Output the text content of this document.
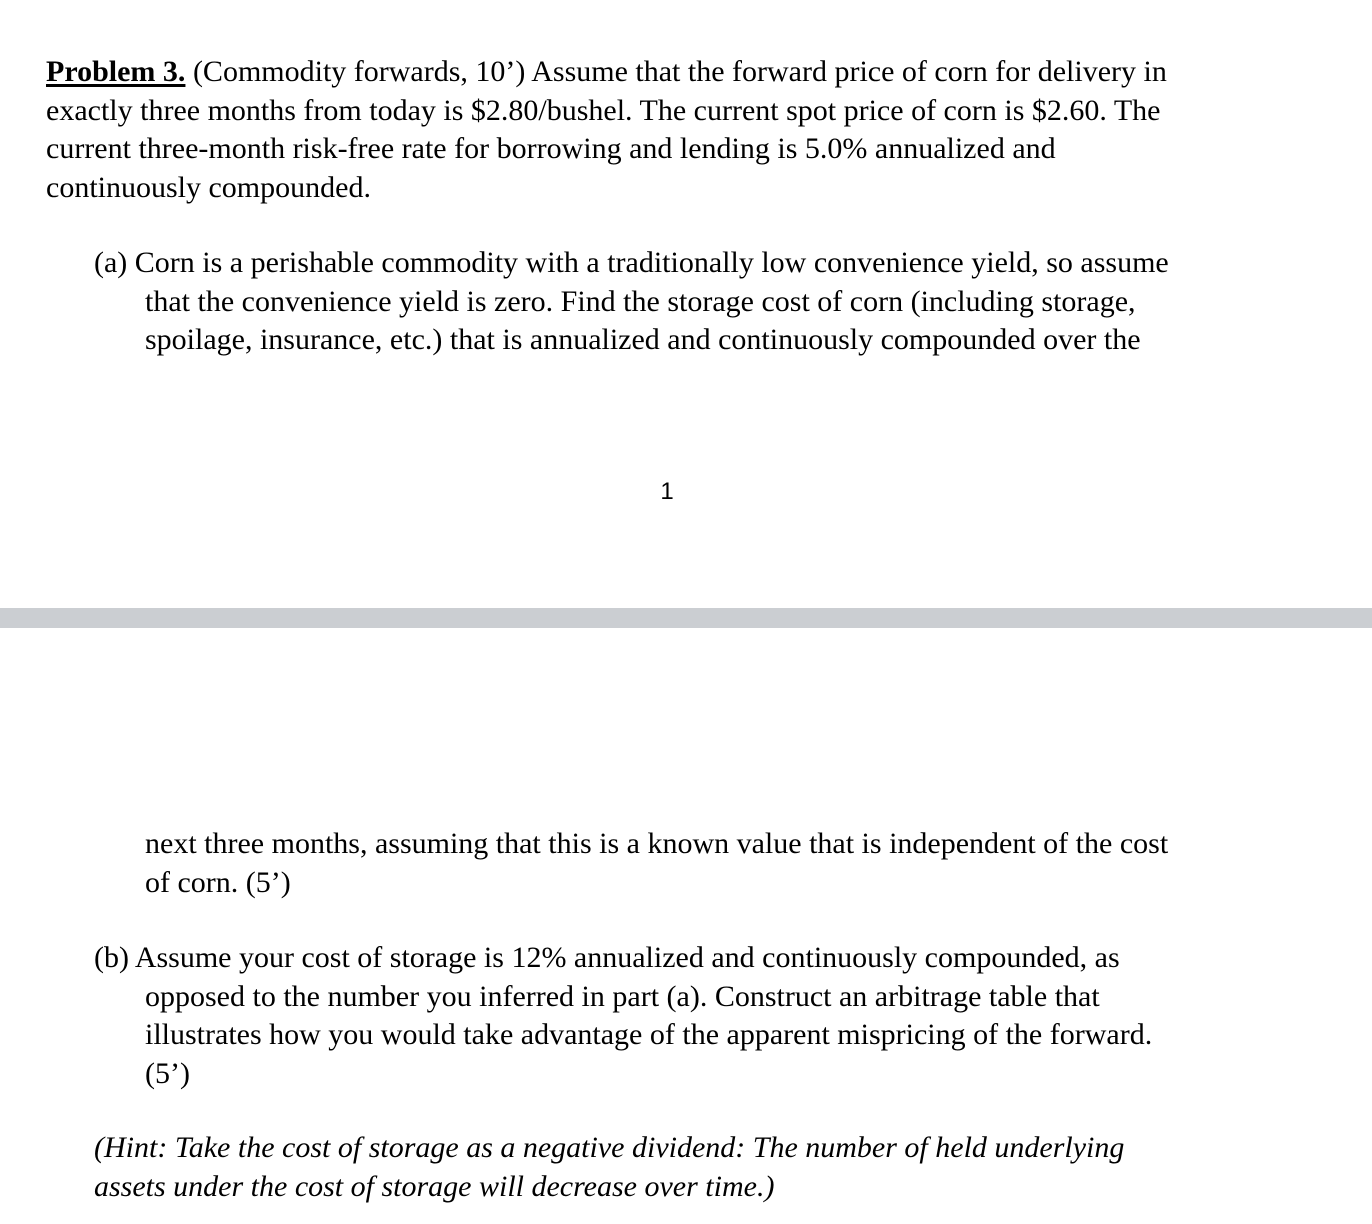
Problem 3. (Commodity forwards, 10’) Assume that the forward price of corn for delivery in
exactly three months from today is $2.80/bushel. The current spot price of corn is $2.60. The
current three-month risk-free rate for borrowing and lending is 5.0% annualized and
continuously compounded.
(a) Corn is a perishable commodity with a traditionally low convenience yield, so assume
that the convenience yield is zero. Find the storage cost of corn (including storage,
spoilage, insurance, etc.) that is annualized and continuously compounded over the
1
next three months, assuming that this is a known value that is independent of the cost
of corn. (5’)
(b) Assume your cost of storage is 12% annualized and continuously compounded, as
opposed to the number you inferred in part (a). Construct an arbitrage table that
illustrates how you would take advantage of the apparent mispricing of the forward.
(5’)
(Hint: Take the cost of storage as a negative dividend: The number of held underlying
assets under the cost of storage will decrease over time.)
